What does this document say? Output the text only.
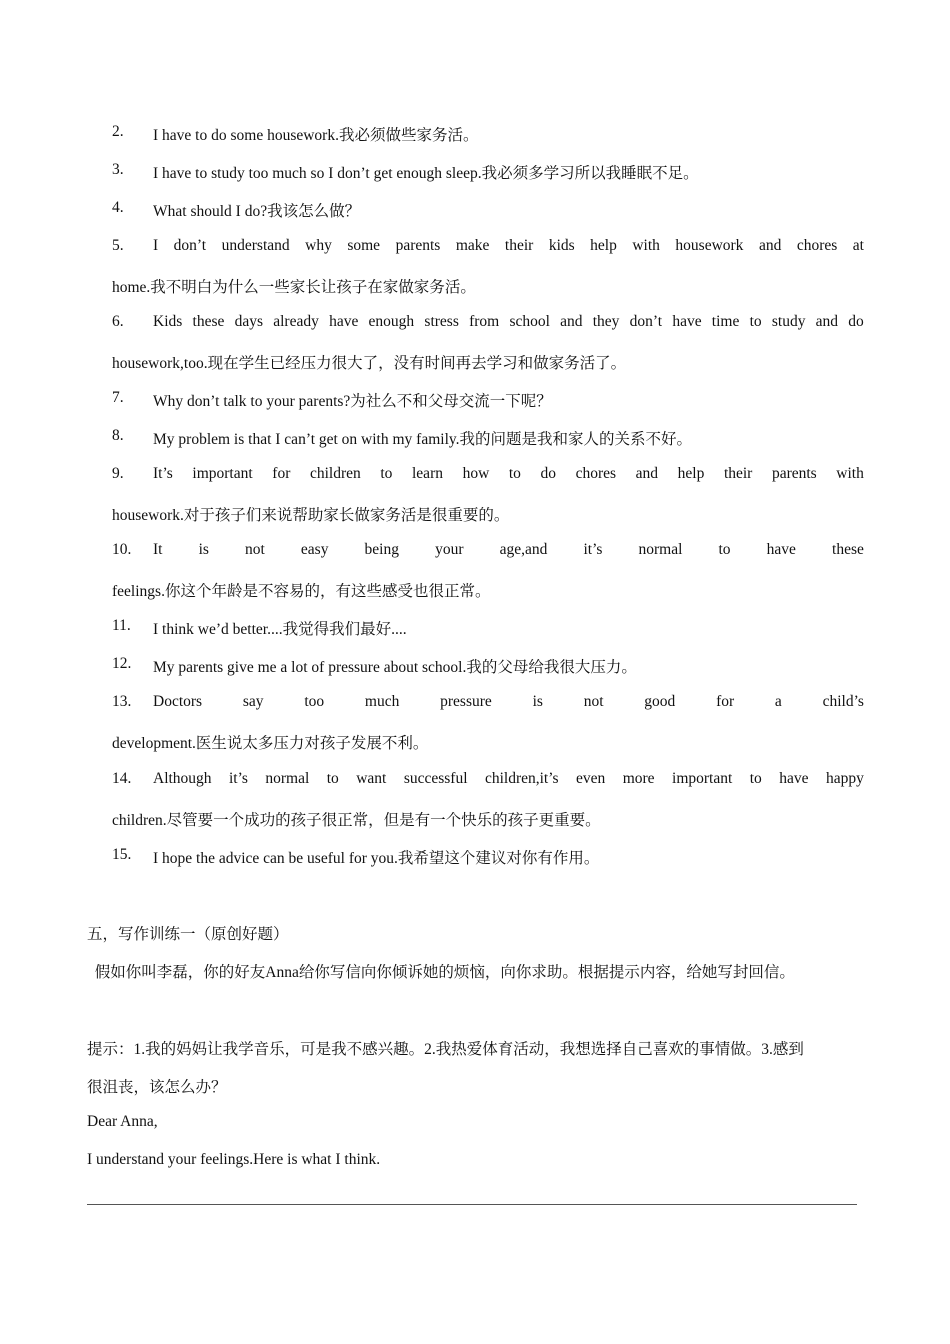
2.	I have to do some housework.我必须做些家务活。
3.	I have to study too much so I don’t get enough sleep.我必须多学习所以我睡眠不足。
4.	What should I do?我该怎么做？
5.	I don’t understand why some parents make their kids help with housework and chores at
home.我不明白为什么一些家长让孩子在家做家务活。
6.	Kids these days already have enough stress from school and they don’t have time to study and do
housework,too.现在学生已经压力很大了，没有时间再去学习和做家务活了。
7.	Why don’t talk to your parents?为社么不和父母交流一下呢？
8.	My problem is that I can’t get on with my family.我的问题是我和家人的关系不好。
9.	It’s important for children to learn how to do chores and help their parents with
housework.对于孩子们来说帮助家长做家务活是很重要的。
10.	It is not easy being your age,and it’s normal to have these
feelings.你这个年龄是不容易的，有这些感受也很正常。
11.	I think we’d better....我觉得我们最好....
12.	My parents give me a lot of pressure about school.我的父母给我很大压力。
13.	Doctors	say	too	much	pressure	is	not	good	for	a	child’s
development.医生说太多压力对孩子发展不利。
14.	Although it’s normal to want successful children,it’s even more important to have happy
children.尽管要一个成功的孩子很正常，但是有一个快乐的孩子更重要。
15.	I hope the advice can be useful for you.我希望这个建议对你有作用。
五，写作训练一（原创好题）
假如你叫李磊，你的好友Anna给你写信向你倾诉她的烦恼，向你求助。根据提示内容，给她写封回信。
提示：1.我的妈妈让我学音乐，可是我不感兴趣。2.我热爱体育活动，我想选择自己喜欢的事情做。3.感到
很沮丧，该怎么办？
Dear Anna,
I understand your feelings.Here is what I think.
